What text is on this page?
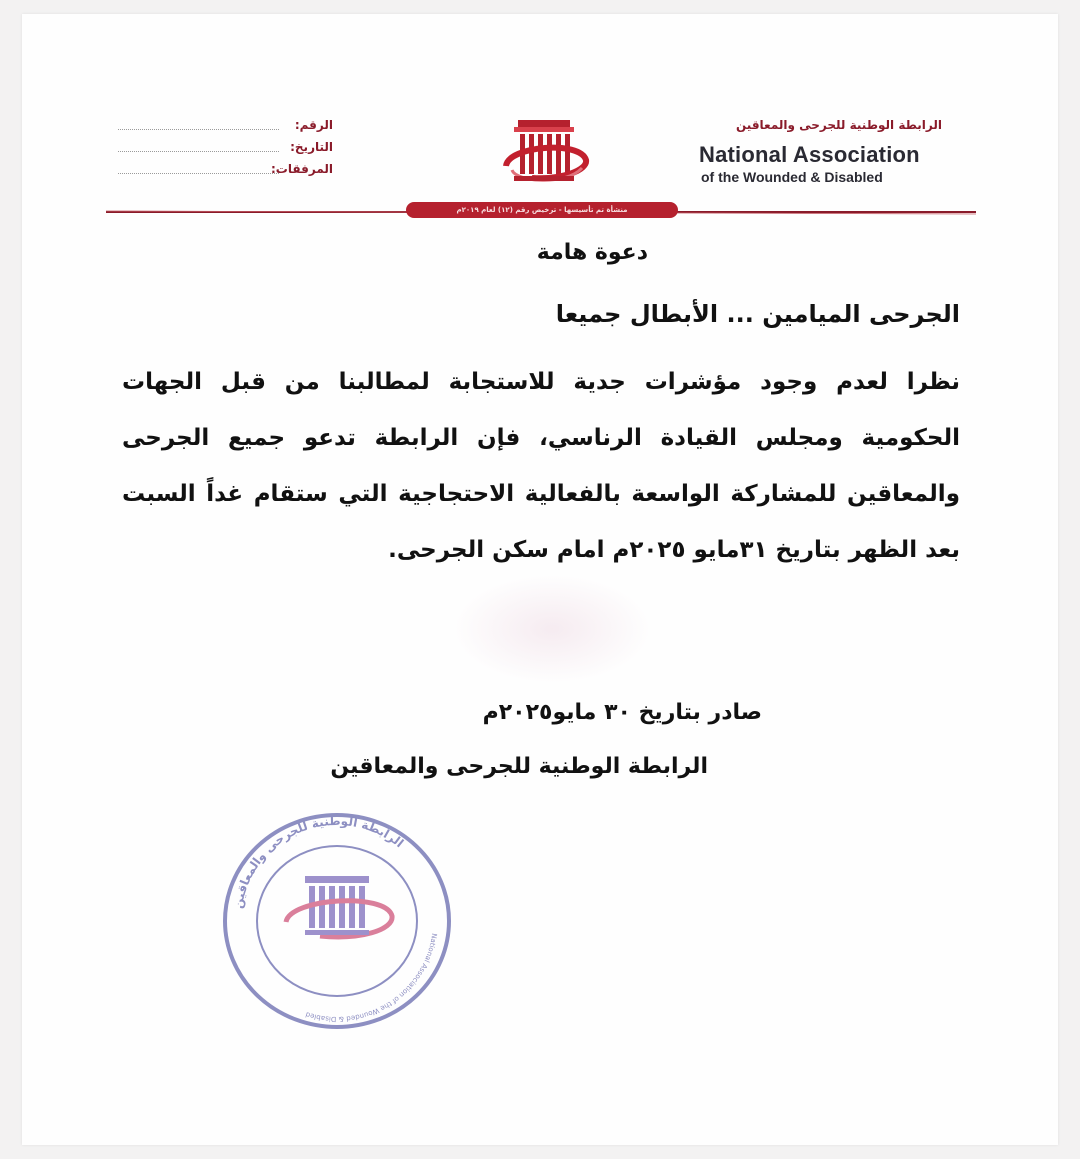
الرابطة الوطنية للجرحى والمعاقين
National Association
of the Wounded & Disabled
الرقم:
التاريخ:
المرفقات:
منشأة تم تأسيسها - ترخيص رقم (١٢) لعام ٢٠١٩م
دعوة هامة
الجرحى الميامين ... الأبطال جميعا
نظرا لعدم وجود مؤشرات جدية للاستجابة لمطالبنا من قبل الجهات الحكومية ومجلس القيادة الرناسي، فإن الرابطة تدعو جميع الجرحى والمعاقين للمشاركة الواسعة بالفعالية الاحتجاجية التي ستقام غداً السبت بعد الظهر بتاريخ ٣١مايو ٢٠٢٥م امام سكن الجرحى.
صادر بتاريخ ٣٠ مايو٢٠٢٥م
الرابطة الوطنية للجرحى والمعاقين
الرابطة الوطنية للجرحى والمعاقين
National Association of the Wounded & Disabled
